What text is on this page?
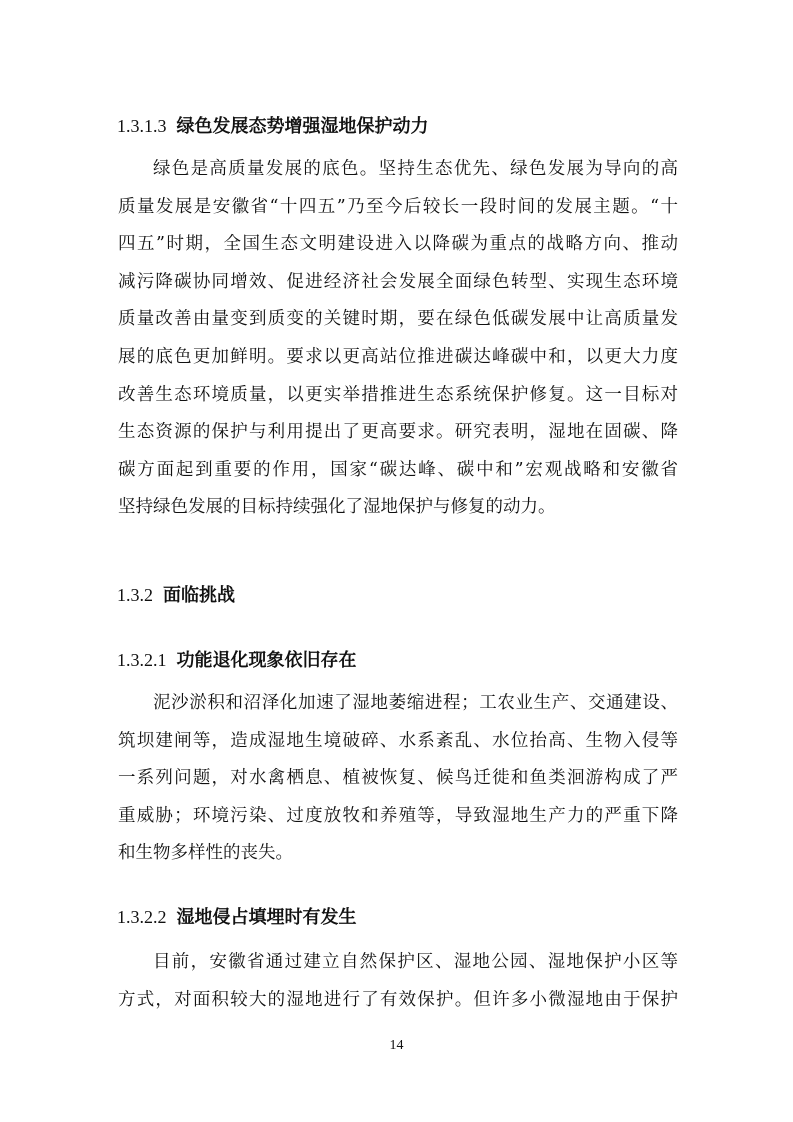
1.3.1.3 绿色发展态势增强湿地保护动力
绿色是高质量发展的底色。坚持生态优先、绿色发展为导向的高
质量发展是安徽省“十四五”乃至今后较长一段时间的发展主题。“十
四五”时期，全国生态文明建设进入以降碳为重点的战略方向、推动
减污降碳协同增效、促进经济社会发展全面绿色转型、实现生态环境
质量改善由量变到质变的关键时期，要在绿色低碳发展中让高质量发
展的底色更加鲜明。要求以更高站位推进碳达峰碳中和，以更大力度
改善生态环境质量，以更实举措推进生态系统保护修复。这一目标对
生态资源的保护与利用提出了更高要求。研究表明，湿地在固碳、降
碳方面起到重要的作用，国家“碳达峰、碳中和”宏观战略和安徽省
坚持绿色发展的目标持续强化了湿地保护与修复的动力。
1.3.2 面临挑战
1.3.2.1 功能退化现象依旧存在
泥沙淤积和沼泽化加速了湿地萎缩进程；工农业生产、交通建设、
筑坝建闸等，造成湿地生境破碎、水系紊乱、水位抬高、生物入侵等
一系列问题，对水禽栖息、植被恢复、候鸟迁徙和鱼类洄游构成了严
重威胁；环境污染、过度放牧和养殖等，导致湿地生产力的严重下降
和生物多样性的丧失。
1.3.2.2 湿地侵占填埋时有发生
目前，安徽省通过建立自然保护区、湿地公园、湿地保护小区等
方式，对面积较大的湿地进行了有效保护。但许多小微湿地由于保护
14
